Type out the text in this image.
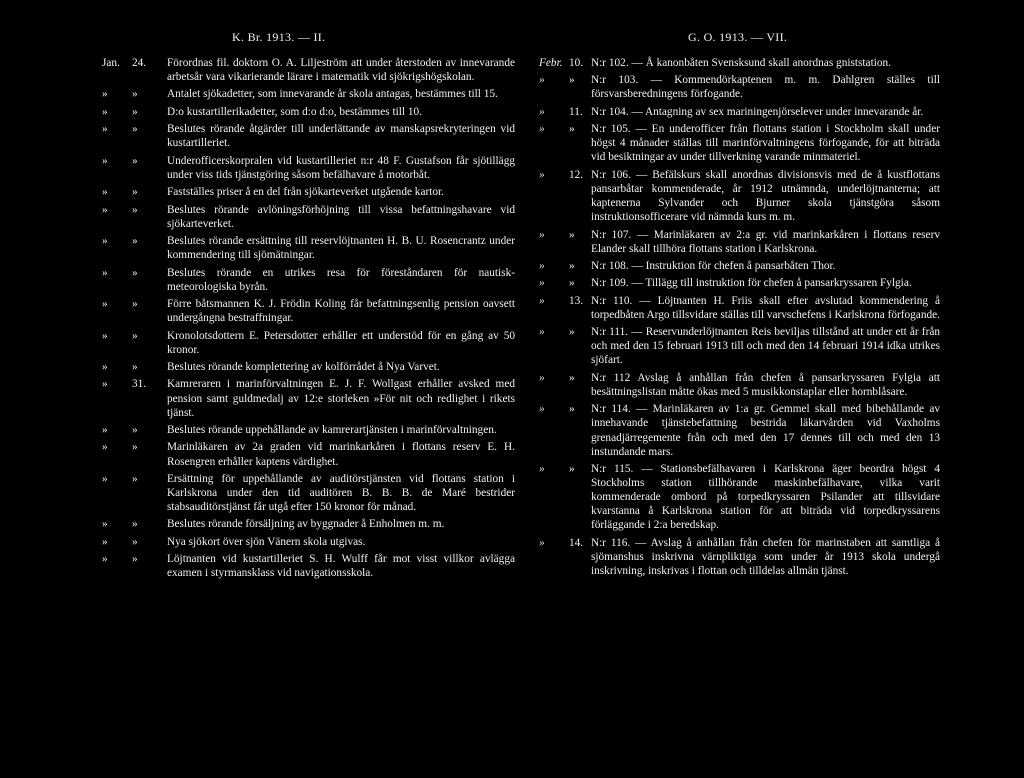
K. Br. 1913. — II.	G. O. 1913. — VII.
Jan.	24.	Förordnas fil. doktorn O. A. Liljeström att under återstoden av innevarande arbetsår vara vikarierande lärare i matematik vid sjökrigshögskolan.
»	»	Antalet sjökadetter, som innevarande år skola antagas, bestämmes till 15.
»	»	D:o kustartillerikadetter, som d:o d:o, bestämmes till 10.
»	»	Beslutes rörande åtgärder till underlättande av manskapsrekryteringen vid kustartilleriet.
»	»	Underofficerskorpralen vid kustartilleriet n:r 48 F. Gustafson får sjötillägg under viss tids tjänstgöring såsom befälhavare å motorbåt.
»	»	Fastställes priser å en del från sjökarteverket utgående kartor.
»	»	Beslutes rörande avlöningsförhöjning till vissa befattningshavare vid sjökarteverket.
»	»	Beslutes rörande ersättning till reservlöjtnanten H. B. U. Rosencrantz under kommendering till sjömätningar.
»	»	Beslutes rörande en utrikes resa för föreståndaren för nautisk-meteorologiska byrån.
»	»	Förre båtsmannen K. J. Frödin Koling får befattningsenlig pension oavsett undergångna bestraffningar.
»	»	Kronolotsdottern E. Petersdotter erhåller ett understöd för en gång av 50 kronor.
»	»	Beslutes rörande komplettering av kolförrådet å Nya Varvet.
»	31.	Kamreraren i marinförvaltningen E. J. F. Wollgast erhåller avsked med pension samt guldmedalj av 12:e storleken »För nit och redlighet i rikets tjänst.
»	»	Beslutes rörande uppehållande av kamrerartjänsten i marinförvaltningen.
»	»	Marinläkaren av 2a graden vid marinkarkåren i flottans reserv E. H. Rosengren erhåller kaptens värdighet.
»	»	Ersättning för uppehållande av auditörstjänsten vid flottans station i Karlskrona under den tid auditören B. B. B. de Maré bestrider stabsauditörstjänst får utgå efter 150 kronor för månad.
»	»	Beslutes rörande försäljning av byggnader å Enholmen m. m.
»	»	Nya sjökort över sjön Vänern skola utgivas.
»	»	Löjtnanten vid kustartilleriet S. H. Wulff får mot visst villkor avlägga examen i styrmansklass vid navigationsskola.
Febr. 10. N:r 102. — Å kanonbåten Svensksund skall anordnas gniststation.
»	»	N:r 103. — Kommendörkaptenen m. m. Dahlgren ställes till försvarsberedningens förfogande.
»	11. N:r 104. — Antagning av sex mariningenjörselever under innevarande år.
»	»	N:r 105. — En underofficer från flottans station i Stockholm skall under högst 4 månader ställas till marinförvaltningens förfogande, för att biträda vid besiktningar av under tillverkning varande minmateriel.
»	12. N:r 106. — Befälskurs skall anordnas divisionsvis med de å kustflottans pansarbåtar kommenderade, år 1912 utnämnda, underlöjtnanterna; att kaptenerna Sylvander och Bjurner skola tjänstgöra såsom instruktionsofficerare vid nämnda kurs m. m.
»	»	N:r 107. — Marinläkaren av 2:a gr. vid marinkarkåren i flottans reserv Elander skall tillhöra flottans station i Karlskrona.
»	»	N:r 108. — Instruktion för chefen å pansarbåten Thor.
»	»	N:r 109. — Tillägg till instruktion för chefen å pansarkryssaren Fylgia.
»	13. N:r 110. — Löjtnanten H. Friis skall efter avslutad kommendering å torpedbåten Argo tillsvidare ställas till varvschefens i Karlskrona förfogande.
»	»	N:r 111. — Reservunderlöjtnanten Reis beviljas tillstånd att under ett år från och med den 15 februari 1913 till och med den 14 februari 1914 idka utrikes sjöfart.
»	»	N:r 112 Avslag å anhållan från chefen å pansarkryssaren Fylgia att besättningslistan måtte ökas med 5 musikkonstaplar eller hornblåsare.
»	»	N:r 114. — Marinläkaren av 1:a gr. Gemmel skall med bibehållande av innehavande tjänstebefattning bestrida läkarvården vid Vaxholms grenadjärregemente från och med den 17 dennes till och med den 13 instundande mars.
»	»	N:r 115. — Stationsbefälhavaren i Karlskrona äger beordra högst 4 Stockholms station tillhörande maskinbefälhavare, vilka varit kommenderade ombord på torpedkryssaren Psilander att tillsvidare kvarstanna å Karlskrona station för att biträda vid torpedkryssarens förläggande i 2:a beredskap.
»	14. N:r 116. — Avslag å anhållan från chefen för marinstaben att samtliga å sjömanshus inskrivna värnpliktiga som under år 1913 skola undergå inskrivning, inskrivas i flottan och tilldelas allmän tjänst.
